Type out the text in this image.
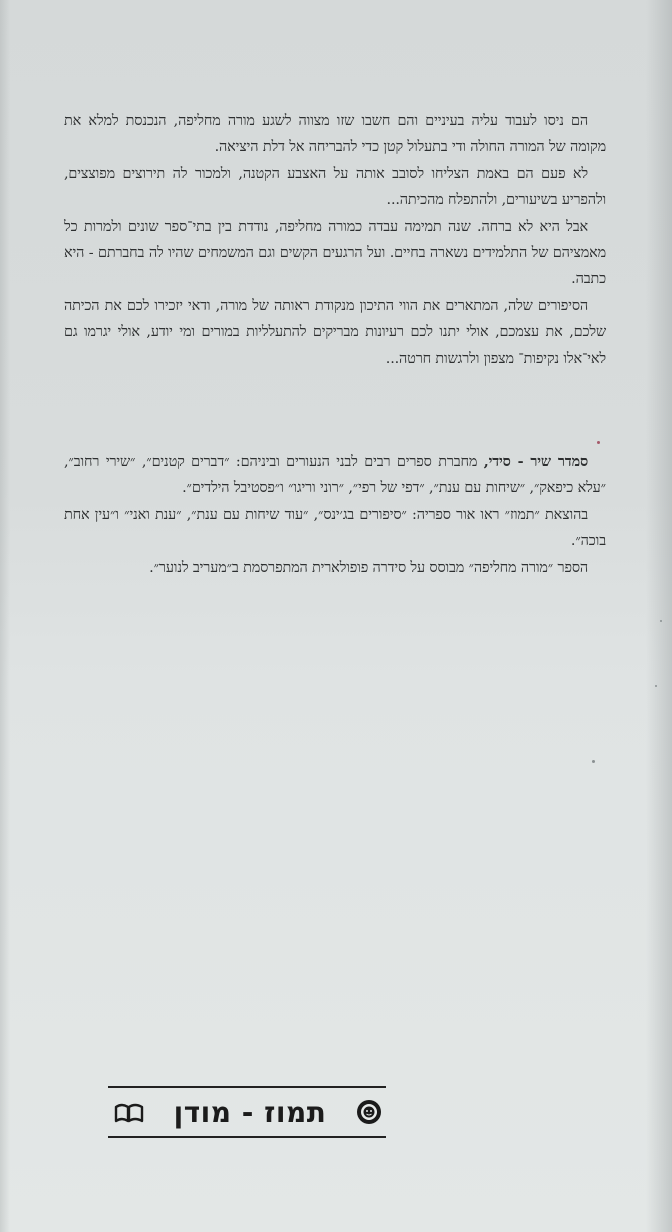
הם ניסו לעבוד עליה בעיניים והם חשבו שזו מצווה לשגע מורה מחליפה, הנכנסת למלא את מקומה של המורה החולה ודי בתעלול קטן כדי להבריחה אל דלת היציאה.

לא פעם הם באמת הצליחו לסובב אותה על האצבע הקטנה, ולמכור לה תירוצים מפוצצים, ולהפריע בשיעורים, ולהתפלח מהכיתה...

אבל היא לא ברחה. שנה תמימה עבדה כמורה מחליפה, נודדת בין בתי־ספר שונים ולמרות כל מאמציהם של התלמידים נשארה בחיים. ועל הרגעים הקשים וגם המשמחים שהיו לה בחברתם - היא כתבה.

הסיפורים שלה, המתארים את הווי התיכון מנקודת ראותה של מורה, ודאי יזכירו לכם את הכיתה שלכם, את עצמכם, אולי יתנו לכם רעיונות מבריקים להתעלליות במורים ומי יודע, אולי יגרמו גם לאי־אלו נקיפות־ מצפון ולרגשות חרטה...

סמדר שיר - סידי, מחברת ספרים רבים לבני הנעורים וביניהם: ״דברים קטנים״, ״שירי רחוב״, ״עלא כיפאק״, ״שיחות עם ענת״, ״דפי של רפי״, ״רוני וריגו״ ו״פסטיבל הילדים״.

בהוצאת ״תמוז״ ראו אור ספריה: ״סיפורים בג׳ינס״, ״עוד שיחות עם ענת״, ״ענת ואני״ ו״עין אחת בוכה״.

הספר ״מורה מחליפה״ מבוסס על סידרה פופולארית המתפרסמת ב״מעריב לנוער״.

תמוז - מודן
